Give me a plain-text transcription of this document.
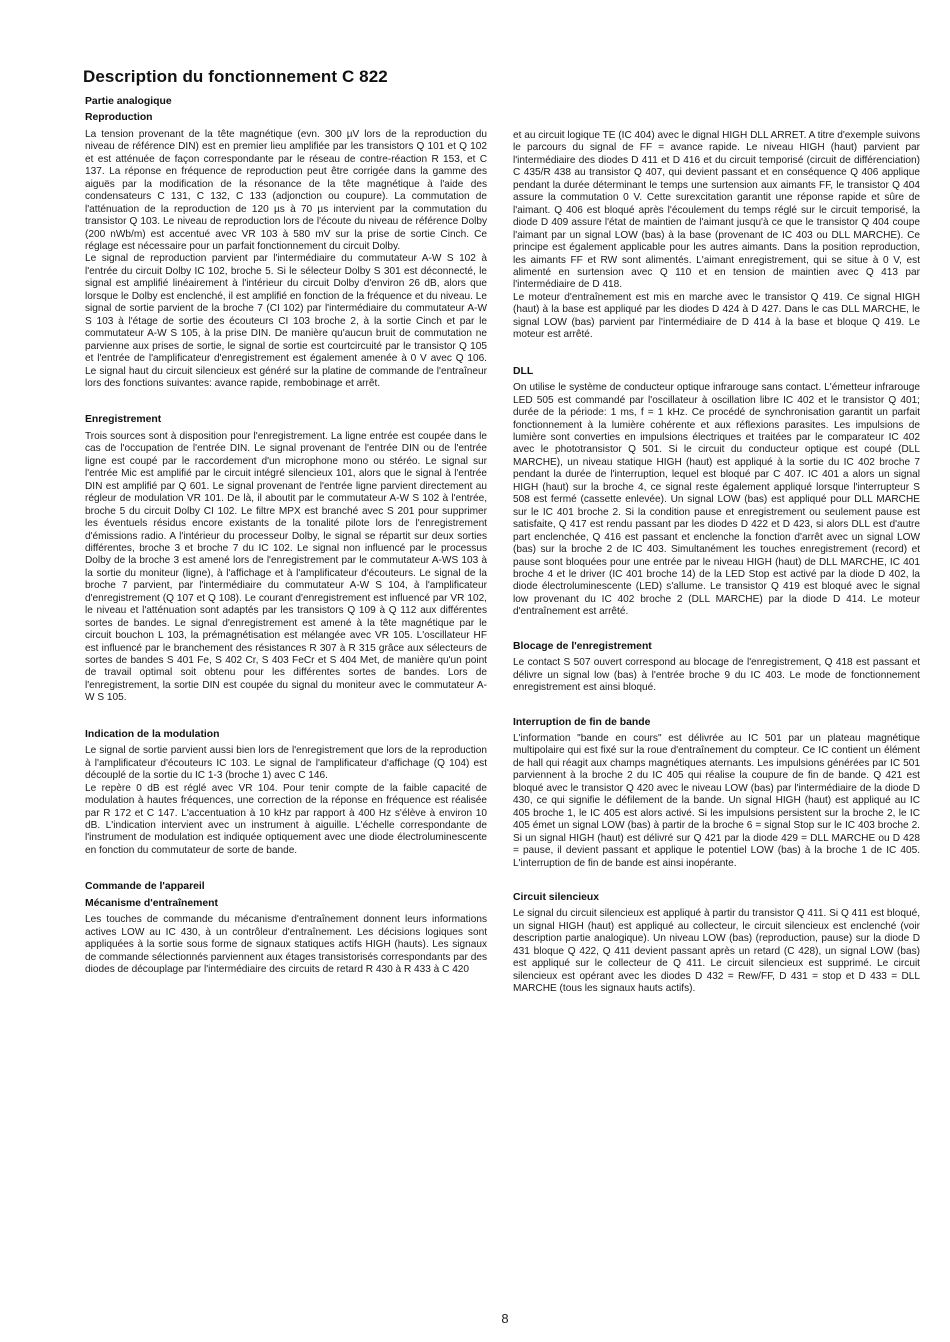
Description du fonctionnement C 822
Partie analogique
Reproduction

La tension provenant de la tête magnétique (evn. 300 µV lors de la reproduction du niveau de référence DIN) est en premier lieu amplifiée par les transistors Q 101 et Q 102 et est atténuée de façon correspondante par le réseau de contre-réaction R 153, et C 137. La réponse en fréquence de reproduction peut être corrigée dans la gamme des aiguës par la modification de la résonance de la tête magnétique à l'aide des condensateurs C 131, C 132, C 133 (adjonction ou coupure). La commutation de l'atténuation de la reproduction de 120 µs à 70 µs intervient par la commutation du transistor Q 103. Le niveau de reproduction lors de l'écoute du niveau de référence Dolby (200 nWb/m) est accentué avec VR 103 à 580 mV sur la prise de sortie Cinch. Ce réglage est nécessaire pour un parfait fonctionnement du circuit Dolby.

Le signal de reproduction parvient par l'intermédiaire du commutateur A-W S 102 à l'entrée du circuit Dolby IC 102, broche 5. Si le sélecteur Dolby S 301 est déconnecté, le signal est amplifié linéairement à l'intérieur du circuit Dolby d'environ 26 dB, alors que lorsque le Dolby est enclenché, il est amplifié en fonction de la fréquence et du niveau. Le signal de sortie parvient de la broche 7 (CI 102) par l'intermédiaire du commutateur A-W S 103 à l'étage de sortie des écouteurs CI 103 broche 2, à la sortie Cinch et par le commutateur A-W S 105, à la prise DIN. De manière qu'aucun bruit de commutation ne parvienne aux prises de sortie, le signal de sortie est courtcircuité par le transistor Q 105 et l'entrée de l'amplificateur d'enregistrement est également amenée à 0 V avec Q 106. Le signal haut du circuit silencieux est généré sur la platine de commande de l'entraîneur lors des fonctions suivantes: avance rapide, rembobinage et arrêt.

Enregistrement

Trois sources sont à disposition pour l'enregistrement. La ligne entrée est coupée dans le cas de l'occupation de l'entrée DIN. Le signal provenant de l'entrée DIN ou de l'entrée ligne est coupé par le raccordement d'un microphone mono ou stéréo. Le signal sur l'entrée Mic est amplifié par le circuit intégré silencieux 101, alors que le signal à l'entrée DIN est amplifié par Q 601. Le signal provenant de l'entrée ligne parvient directement au régleur de modulation VR 101. De là, il aboutit par le commutateur A-W S 102 à l'entrée, broche 5 du circuit Dolby CI 102. Le filtre MPX est branché avec S 201 pour supprimer les éventuels résidus encore existants de la tonalité pilote lors de l'enregistrement d'émissions radio. A l'intérieur du processeur Dolby, le signal se répartit sur deux sorties différentes, broche 3 et broche 7 du IC 102. Le signal non influencé par le processus Dolby de la broche 3 est amené lors de l'enregistrement par le commutateur A-WS 103 à la sortie du moniteur (ligne), à l'affichage et à l'amplificateur d'écouteurs. Le signal de la broche 7 parvient, par l'intermédiaire du commutateur A-W S 104, à l'amplificateur d'enregistrement (Q 107 et Q 108). Le courant d'enregistrement est influencé par VR 102, le niveau et l'atténuation sont adaptés par les transistors Q 109 à Q 112 aux différentes sortes de bandes. Le signal d'enregistrement est amené à la tête magnétique par le circuit bouchon L 103, la prémagnétisation est mélangée avec VR 105. L'oscillateur HF est influencé par le branchement des résistances R 307 à R 315 grâce aux sélecteurs de sortes de bandes S 401 Fe, S 402 Cr, S 403 FeCr et S 404 Met, de manière qu'un point de travail optimal soit obtenu pour les différentes sortes de bandes. Lors de l'enregistrement, la sortie DIN est coupée du signal du moniteur avec le commutateur A-W S 105.

Indication de la modulation

Le signal de sortie parvient aussi bien lors de l'enregistrement que lors de la reproduction à l'amplificateur d'écouteurs IC 103. Le signal de l'amplificateur d'affichage (Q 104) est découplé de la sortie du IC 1-3 (broche 1) avec C 146.

Le repère 0 dB est réglé avec VR 104. Pour tenir compte de la faible capacité de modulation à hautes fréquences, une correction de la réponse en fréquence est réalisée par R 172 et C 147. L'accentuation à 10 kHz par rapport à 400 Hz s'élève à environ 10 dB. L'indication intervient avec un instrument à aiguille. L'échelle correspondante de l'instrument de modulation est indiquée optiquement avec une diode électroluminescente en fonction du commutateur de sorte de bande.

Commande de l'appareil
Mécanisme d'entraînement

Les touches de commande du mécanisme d'entraînement donnent leurs informations actives LOW au IC 430, à un contrôleur d'entraînement. Les décisions logiques sont appliquées à la sortie sous forme de signaux statiques actifs HIGH (hauts). Les signaux de commande sélectionnés parviennent aux étages transistorisés correspondants par des diodes de découplage par l'intermédiaire des circuits de retard R 430 à R 433 à C 420

et au circuit logique TE (IC 404) avec le dignal HIGH DLL ARRET. A titre d'exemple suivons le parcours du signal de FF = avance rapide. Le niveau HIGH (haut) parvient par l'intermédiaire des diodes D 411 et D 416 et du circuit temporisé (circuit de différenciation) C 435/R 438 au transistor Q 407, qui devient passant et en conséquence Q 406 applique pendant la durée déterminant le temps une surtension aux aimants FF, le transistor Q 404 assure la commutation 0 V. Cette surexcitation garantit une réponse rapide et sûre de l'aimant. Q 406 est bloqué après l'écoulement du temps réglé sur le circuit temporisé, la diode D 409 assure l'état de maintien de l'aimant jusqu'à ce que le transistor Q 404 coupe l'aimant par un signal LOW (bas) à la base (provenant de IC 403 ou DLL MARCHE). Ce principe est également applicable pour les autres aimants. Dans la position reproduction, les aimants FF et RW sont alimentés. L'aimant enregistrement, qui se situe à 0 V, est alimenté en surtension avec Q 110 et en tension de maintien avec Q 413 par l'intermédiaire de D 418.

Le moteur d'entraînement est mis en marche avec le transistor Q 419. Ce signal HIGH (haut) à la base est appliqué par les diodes D 424 à D 427. Dans le cas DLL MARCHE, le signal LOW (bas) parvient par l'intermédiaire de D 414 à la base et bloque Q 419. Le moteur est arrêté.

DLL

On utilise le système de conducteur optique infrarouge sans contact. L'émetteur infrarouge LED 505 est commandé par l'oscillateur à oscillation libre IC 402 et le transistor Q 401; durée de la période: 1 ms, f = 1 kHz. Ce procédé de synchronisation garantit un parfait fonctionnement à la lumière cohérente et aux réflexions parasites. Les impulsions de lumière sont converties en impulsions électriques et traitées par le comparateur IC 402 avec le phototransistor Q 501. Si le circuit du conducteur optique est coupé (DLL MARCHE), un niveau statique HIGH (haut) est appliqué à la sortie du IC 402 broche 7 pendant la durée de l'interruption, lequel est bloqué par C 407. IC 401 a alors un signal HIGH (haut) sur la broche 4, ce signal reste également appliqué lorsque l'interrupteur S 508 est fermé (cassette enlevée). Un signal LOW (bas) est appliqué pour DLL MARCHE sur le IC 401 broche 2. Si la condition pause et enregistrement ou seulement pause est satisfaite, Q 417 est rendu passant par les diodes D 422 et D 423, si alors DLL est d'autre part enclenchée, Q 416 est passant et enclenche la fonction d'arrêt avec un signal LOW (bas) sur la broche 2 de IC 403. Simultanément les touches enregistrement (record) et pause sont bloquées pour une entrée par le niveau HIGH (haut) de DLL MARCHE, IC 401 broche 4 et le driver (IC 401 broche 14) de la LED Stop est activé par la diode D 402, la diode électroluminescente (LED) s'allume. Le transistor Q 419 est bloqué avec le signal low provenant du IC 402 broche 2 (DLL MARCHE) par la diode D 414. Le moteur d'entraînement est arrêté.

Blocage de l'enregistrement

Le contact S 507 ouvert correspond au blocage de l'enregistrement, Q 418 est passant et délivre un signal low (bas) à l'entrée broche 9 du IC 403. Le mode de fonctionnement enregistrement est ainsi bloqué.

Interruption de fin de bande

L'information "bande en cours" est délivrée au IC 501 par un plateau magnétique multipolaire qui est fixé sur la roue d'entraînement du compteur. Ce IC contient un élément de hall qui réagit aux champs magnétiques aternants. Les impulsions générées par IC 501 parviennent à la broche 2 du IC 405 qui réalise la coupure de fin de bande. Q 421 est bloqué avec le transistor Q 420 avec le niveau LOW (bas) par l'intermédiaire de la diode D 430, ce qui signifie le défilement de la bande. Un signal HIGH (haut) est appliqué au IC 405 broche 1, le IC 405 est alors activé. Si les impulsions persistent sur la broche 2, le IC 405 émet un signal LOW (bas) à partir de la broche 6 = signal Stop sur le IC 403 broche 2. Si un signal HIGH (haut) est délivré sur Q 421 par la diode 429 = DLL MARCHE ou D 428 = pause, il devient passant et applique le potentiel LOW (bas) à la broche 1 de IC 405. L'interruption de fin de bande est ainsi inopérante.

Circuit silencieux

Le signal du circuit silencieux est appliqué à partir du transistor Q 411. Si Q 411 est bloqué, un signal HIGH (haut) est appliqué au collecteur, le circuit silencieux est enclenché (voir description partie analogique). Un niveau LOW (bas) (reproduction, pause) sur la diode D 431 bloque Q 422, Q 411 devient passant après un retard (C 428), un signal LOW (bas) est appliqué sur le collecteur de Q 411. Le circuit silencieux est supprimé. Le circuit silencieux est opérant avec les diodes D 432 = Rew/FF, D 431 = stop et D 433 = DLL MARCHE (tous les signaux hauts actifs).

8
